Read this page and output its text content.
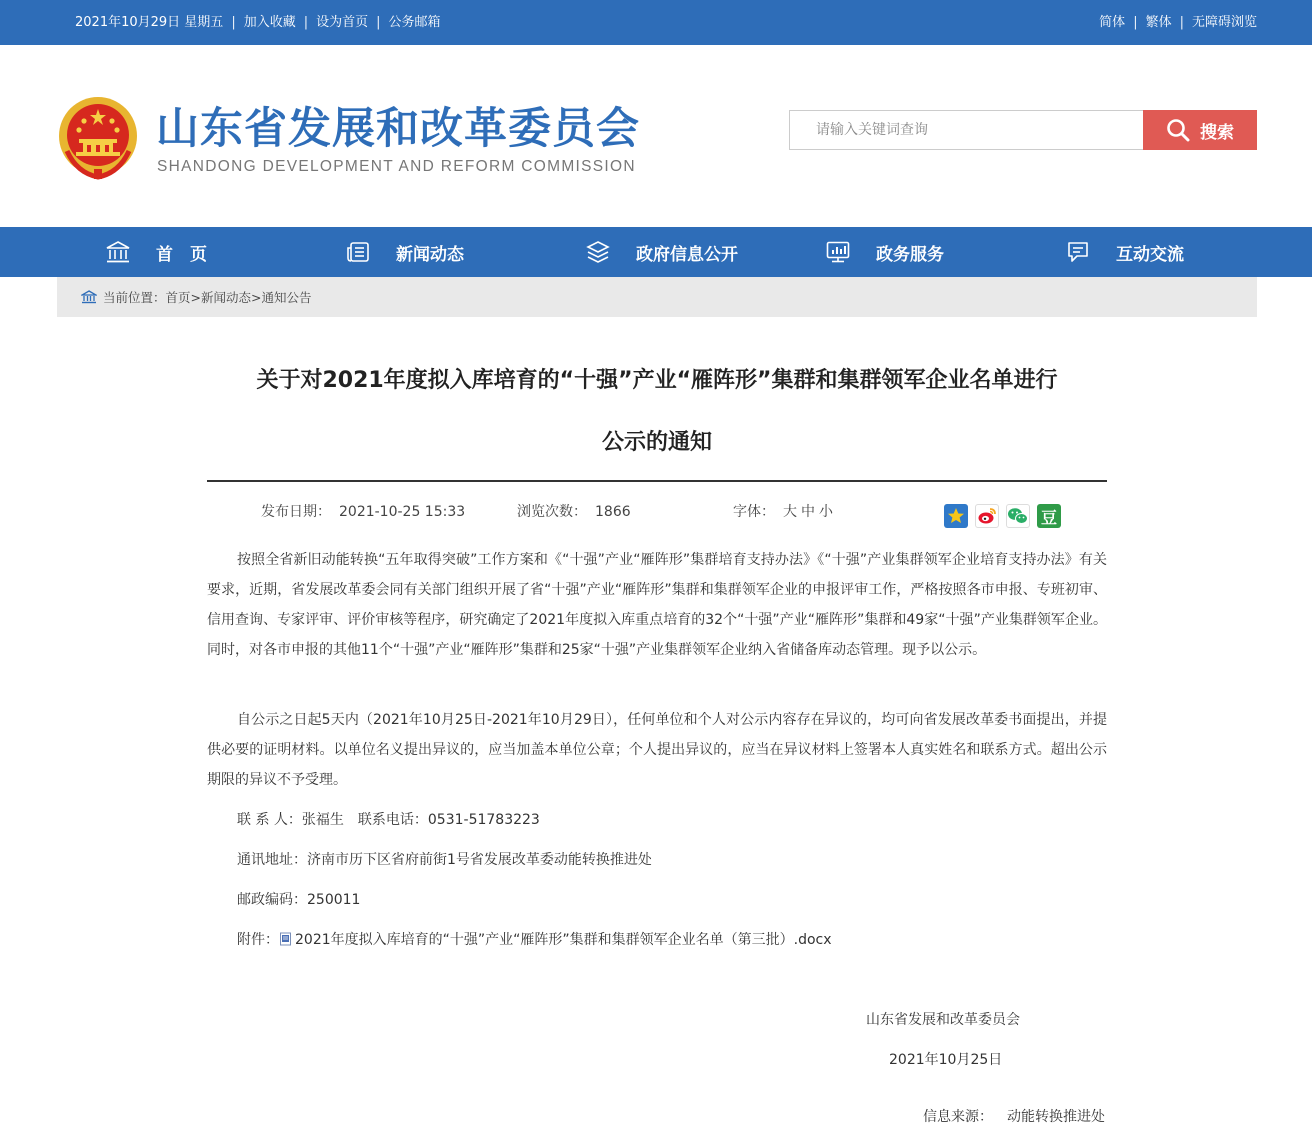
2021年10月29日 星期五 | 加入收藏 | 设为首页 | 公务邮箱	简体 | 繁体 | 无障碍浏览
山东省发展和改革委员会
SHANDONG DEVELOPMENT AND REFORM COMMISSION
请输入关键词查询
搜索
首　页	新闻动态	政府信息公开	政务服务	互动交流
当前位置： 首页> 新闻动态> 通知公告
关于对2021年度拟入库培育的“十强”产业“雁阵形”集群和集群领军企业名单进行
公示的通知
发布日期： 2021-10-25 15:33	浏览次数： 1866	字体： 大 中 小	豆
按照全省新旧动能转换“五年取得突破”工作方案和《“十强”产业“雁阵形”集群培育支持办法》《“十强”产业集群领军企业培育支持办法》有关要求，近期，省发展改革委会同有关部门组织开展了省“十强”产业“雁阵形”集群和集群领军企业的申报评审工作，严格按照各市申报、专班初审、信用查询、专家评审、评价审核等程序，研究确定了2021年度拟入库重点培育的32个“十强”产业“雁阵形”集群和49家“十强”产业集群领军企业。同时，对各市申报的其他11个“十强”产业“雁阵形”集群和25家“十强”产业集群领军企业纳入省储备库动态管理。现予以公示。
自公示之日起5天内（2021年10月25日-2021年10月29日），任何单位和个人对公示内容存在异议的，均可向省发展改革委书面提出，并提供必要的证明材料。以单位名义提出异议的，应当加盖本单位公章；个人提出异议的，应当在异议材料上签署本人真实姓名和联系方式。超出公示期限的异议不予受理。
联 系 人：张福生　联系电话：0531-51783223
通讯地址：济南市历下区省府前街1号省发展改革委动能转换推进处
邮政编码：250011
附件： 2021年度拟入库培育的“十强”产业“雁阵形”集群和集群领军企业名单（第三批）.docx
山东省发展和改革委员会
2021年10月25日
信息来源： 动能转换推进处
